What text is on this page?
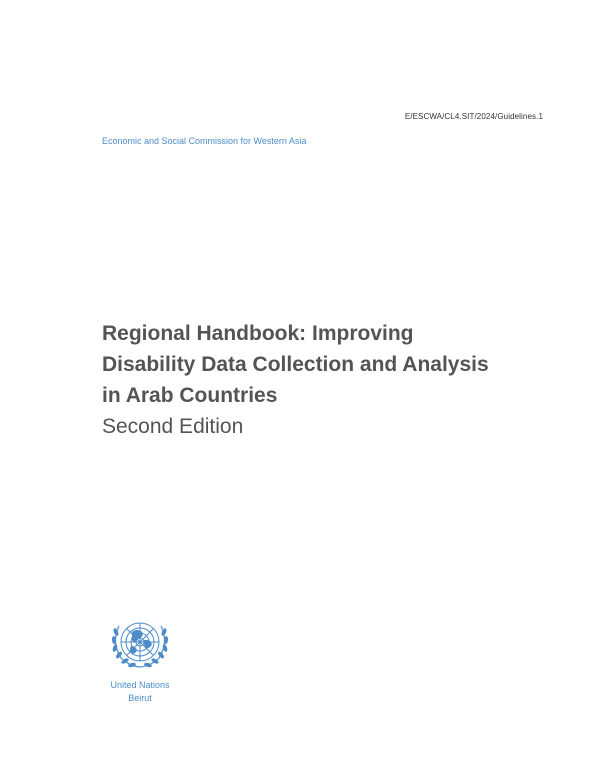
E/ESCWA/CL4.SIT/2024/Guidelines.1
Economic and Social Commission for Western Asia
Regional Handbook: Improving
Disability Data Collection and Analysis
in Arab Countries
Second Edition
United Nations
Beirut
